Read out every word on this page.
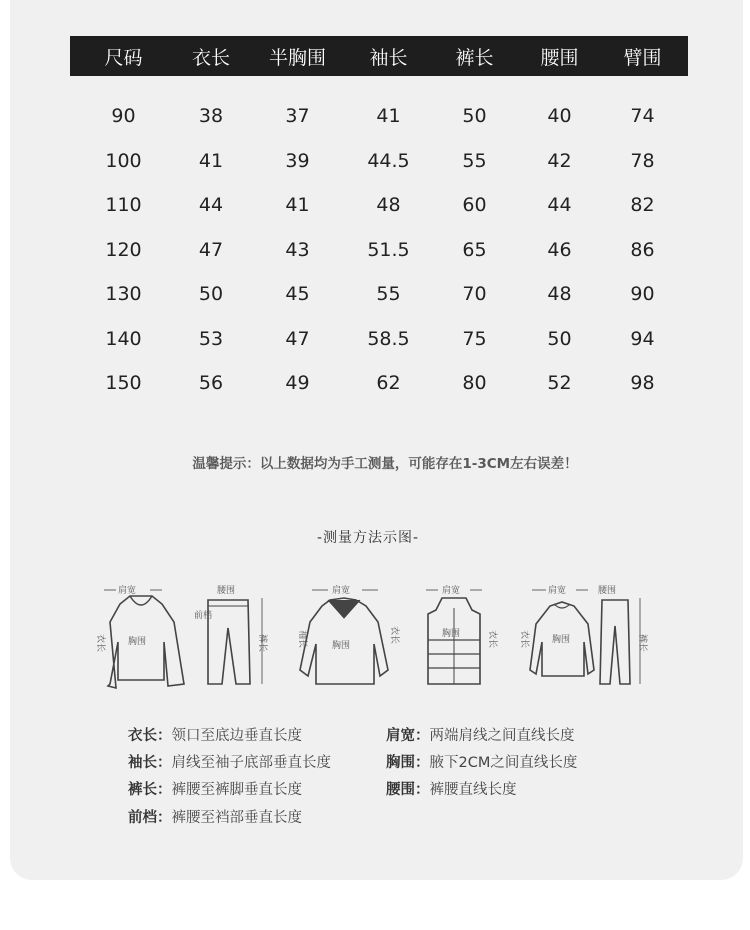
尺码	衣长	半胸围	袖长	裤长	腰围	臂围
90	38	37	41	50	40	74
100	41	39	44.5	55	42	78
110	44	41	48	60	44	82
120	47	43	51.5	65	46	86
130	50	45	55	70	48	90
140	53	47	58.5	75	50	94
150	56	49	62	80	52	98
温馨提示：以上数据均为手工测量，可能存在1-3CM左右误差！
-测量方法示图-
肩宽
胸围
衣长
腰围
前档
裤长
肩宽
胸围
袖长	衣长
肩宽
胸围	衣长
肩宽
胸围
衣长
腰围
裤长
衣长：领口至底边垂直长度
袖长：肩线至袖子底部垂直长度
裤长：裤腰至裤脚垂直长度
前档：裤腰至裆部垂直长度
肩宽：两端肩线之间直线长度
胸围：腋下2CM之间直线长度
腰围：裤腰直线长度
